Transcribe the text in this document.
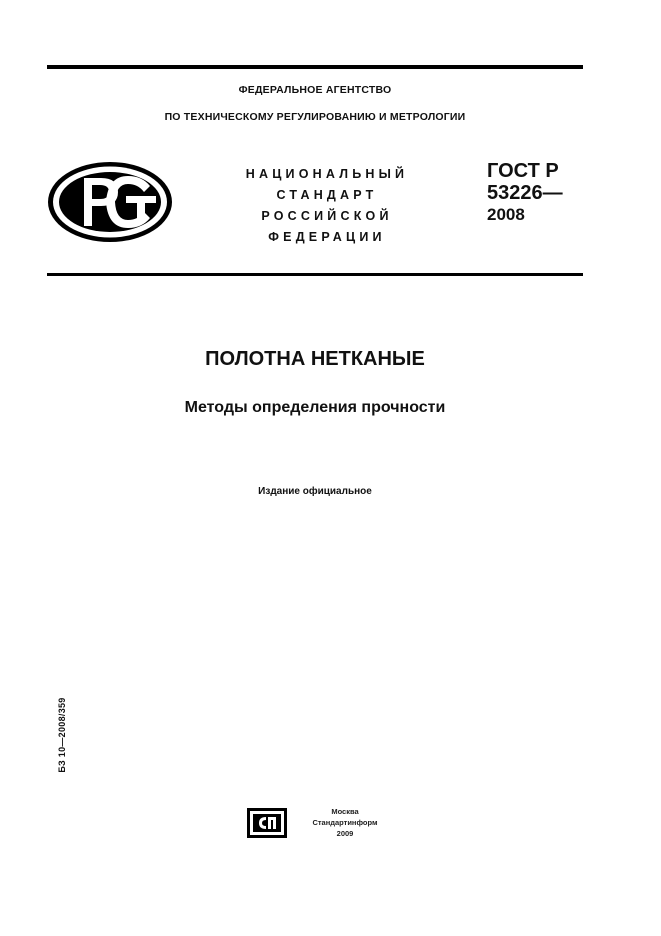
ФЕДЕРАЛЬНОЕ АГЕНТСТВО
ПО ТЕХНИЧЕСКОМУ РЕГУЛИРОВАНИЮ И МЕТРОЛОГИИ
НАЦИОНАЛЬНЫЙ
СТАНДАРТ
РОССИЙСКОЙ
ФЕДЕРАЦИИ
ГОСТ Р
53226—
2008
ПОЛОТНА НЕТКАНЫЕ
Методы определения прочности
Издание официальное
БЗ 10—2008/359
Москва
Стандартинформ
2009
